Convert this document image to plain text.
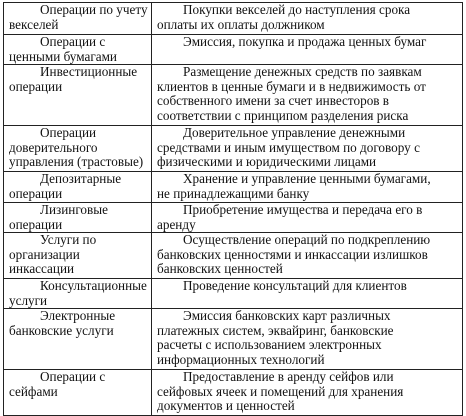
Операции по учету
векселей	Покупки векселей до наступления срока
оплаты их оплаты должником

Операции с
ценными бумагами	Эмиссия, покупка и продажа ценных бумаг

Инвестиционные
операции	Размещение денежных средств по заявкам
клиентов в ценные бумаги и в недвижимость от
собственного имени за счет инвесторов в
соответствии с принципом разделения риска

Операции
доверительного
управления (трастовые)	Доверительное управление денежными
средствами и иным имуществом по договору с
физическими и юридическими лицами

Депозитарные
операции	Хранение и управление ценными бумагами,
не принадлежащими банку

Лизинговые
операции	Приобретение имущества и передача его в
аренду

Услуги по
организации
инкассации	Осуществление операций по подкреплению
банковских ценностями и инкассации излишков
банковских ценностей

Консультационные
услуги	Проведение консультаций для клиентов

Электронные
банковские услуги	Эмиссия банковских карт различных
платежных систем, эквайринг, банковские
расчеты с использованием электронных
информационных технологий

Операции с
сейфами	Предоставление в аренду сейфов или
сейфовых ячеек и помещений для хранения
документов и ценностей
